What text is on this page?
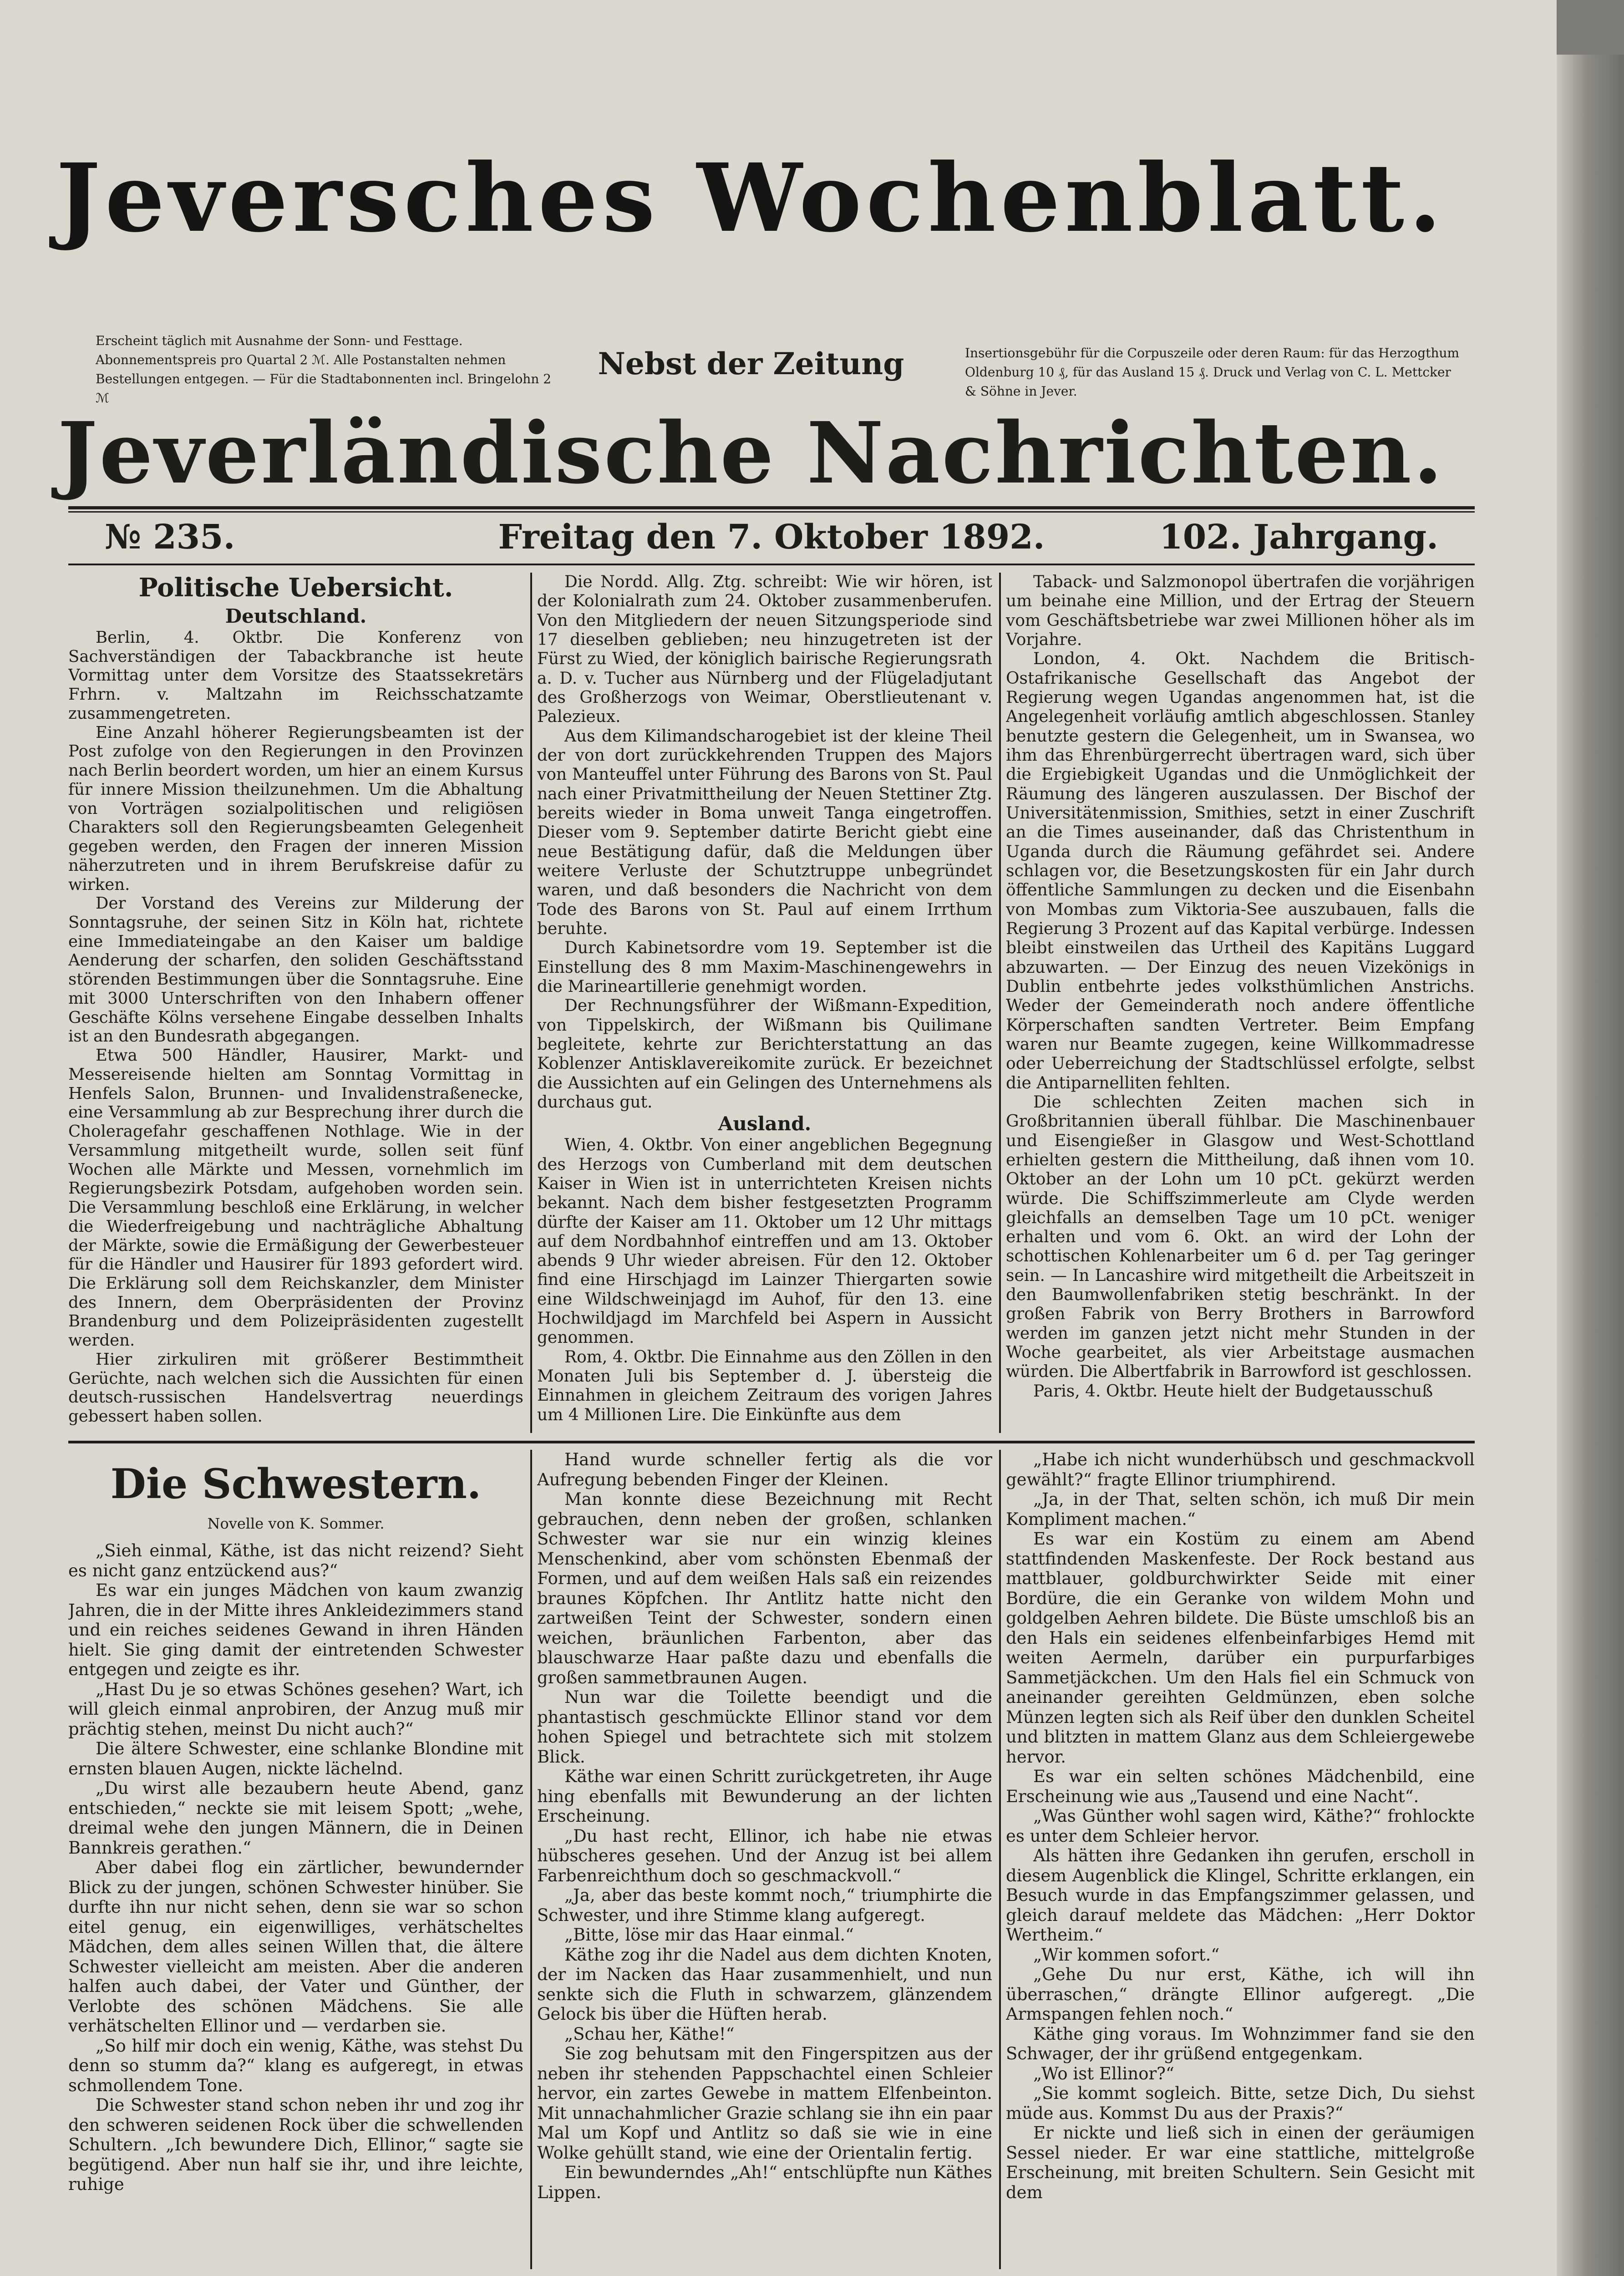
Jeversches Wochenblatt.
Erscheint täglich mit Ausnahme der Sonn- und Festtage. Abonnementspreis pro Quartal 2 ℳ. Alle Postanstalten nehmen Bestellungen entgegen. — Für die Stadtabonnenten incl. Bringelohn 2 ℳ
Nebst der Zeitung	Insertionsgebühr für die Corpuszeile oder deren Raum: für das Herzogthum Oldenburg 10 ₰, für das Ausland 15 ₰. Druck und Verlag von C. L. Mettcker & Söhne in Jever.
Jeverländische Nachrichten.
№ 235.	Freitag den 7. Oktober 1892.	102. Jahrgang.
Politische Uebersicht.
Deutschland.

Berlin, 4. Oktbr. Die Konferenz von Sachverständigen der Tabackbranche ist heute Vormittag unter dem Vorsitze des Staatssekretärs Frhrn. v. Maltzahn im Reichsschatzamte zusammengetreten.

Eine Anzahl höherer Regierungsbeamten ist der Post zufolge von den Regierungen in den Provinzen nach Berlin beordert worden, um hier an einem Kursus für innere Mission theilzunehmen. Um die Abhaltung von Vorträgen sozialpolitischen und religiösen Charakters soll den Regierungsbeamten Gelegenheit gegeben werden, den Fragen der inneren Mission näherzutreten und in ihrem Berufskreise dafür zu wirken.

Der Vorstand des Vereins zur Milderung der Sonntagsruhe, der seinen Sitz in Köln hat, richtete eine Immediateingabe an den Kaiser um baldige Aenderung der scharfen, den soliden Geschäftsstand störenden Bestimmungen über die Sonntagsruhe. Eine mit 3000 Unterschriften von den Inhabern offener Geschäfte Kölns versehene Eingabe desselben Inhalts ist an den Bundesrath abgegangen.

Etwa 500 Händler, Hausirer, Markt- und Messereisende hielten am Sonntag Vormittag in Henfels Salon, Brunnen- und Invalidenstraßenecke, eine Versammlung ab zur Besprechung ihrer durch die Choleragefahr geschaffenen Nothlage. Wie in der Versammlung mitgetheilt wurde, sollen seit fünf Wochen alle Märkte und Messen, vornehmlich im Regierungsbezirk Potsdam, aufgehoben worden sein. Die Versammlung beschloß eine Erklärung, in welcher die Wiederfreigebung und nachträgliche Abhaltung der Märkte, sowie die Ermäßigung der Gewerbesteuer für die Händler und Hausirer für 1893 gefordert wird. Die Erklärung soll dem Reichskanzler, dem Minister des Innern, dem Oberpräsidenten der Provinz Brandenburg und dem Polizeipräsidenten zugestellt werden.

Hier zirkuliren mit größerer Bestimmtheit Gerüchte, nach welchen sich die Aussichten für einen deutsch-russischen Handelsvertrag neuerdings gebessert haben sollen.

Die Nordd. Allg. Ztg. schreibt: Wie wir hören, ist der Kolonialrath zum 24. Oktober zusammenberufen. Von den Mitgliedern der neuen Sitzungsperiode sind 17 dieselben geblieben; neu hinzugetreten ist der Fürst zu Wied, der königlich bairische Regierungsrath a. D. v. Tucher aus Nürnberg und der Flügeladjutant des Großherzogs von Weimar, Oberstlieutenant v. Palezieux.

Aus dem Kilimandscharogebiet ist der kleine Theil der von dort zurückkehrenden Truppen des Majors von Manteuffel unter Führung des Barons von St. Paul nach einer Privatmittheilung der Neuen Stettiner Ztg. bereits wieder in Boma unweit Tanga eingetroffen. Dieser vom 9. September datirte Bericht giebt eine neue Bestätigung dafür, daß die Meldungen über weitere Verluste der Schutztruppe unbegründet waren, und daß besonders die Nachricht von dem Tode des Barons von St. Paul auf einem Irrthum beruhte.

Durch Kabinetsordre vom 19. September ist die Einstellung des 8 mm Maxim-Maschinengewehrs in die Marineartillerie genehmigt worden.

Der Rechnungsführer der Wißmann-Expedition, von Tippelskirch, der Wißmann bis Quilimane begleitete, kehrte zur Berichterstattung an das Koblenzer Antisklavereikomite zurück. Er bezeichnet die Aussichten auf ein Gelingen des Unternehmens als durchaus gut.

Ausland.

Wien, 4. Oktbr. Von einer angeblichen Begegnung des Herzogs von Cumberland mit dem deutschen Kaiser in Wien ist in unterrichteten Kreisen nichts bekannt. Nach dem bisher festgesetzten Programm dürfte der Kaiser am 11. Oktober um 12 Uhr mittags auf dem Nordbahnhof eintreffen und am 13. Oktober abends 9 Uhr wieder abreisen. Für den 12. Oktober find eine Hirschjagd im Lainzer Thiergarten sowie eine Wildschweinjagd im Auhof, für den 13. eine Hochwildjagd im Marchfeld bei Aspern in Aussicht genommen.

Rom, 4. Oktbr. Die Einnahme aus den Zöllen in den Monaten Juli bis September d. J. übersteig die Einnahmen in gleichem Zeitraum des vorigen Jahres um 4 Millionen Lire. Die Einkünfte aus dem

Taback- und Salzmonopol übertrafen die vorjährigen um beinahe eine Million, und der Ertrag der Steuern vom Geschäftsbetriebe war zwei Millionen höher als im Vorjahre.

London, 4. Okt. Nachdem die Britisch-Ostafrikanische Gesellschaft das Angebot der Regierung wegen Ugandas angenommen hat, ist die Angelegenheit vorläufig amtlich abgeschlossen. Stanley benutzte gestern die Gelegenheit, um in Swansea, wo ihm das Ehrenbürgerrecht übertragen ward, sich über die Ergiebigkeit Ugandas und die Unmöglichkeit der Räumung des längeren auszulassen. Der Bischof der Universitätenmission, Smithies, setzt in einer Zuschrift an die Times auseinander, daß das Christenthum in Uganda durch die Räumung gefährdet sei. Andere schlagen vor, die Besetzungskosten für ein Jahr durch öffentliche Sammlungen zu decken und die Eisenbahn von Mombas zum Viktoria-See auszubauen, falls die Regierung 3 Prozent auf das Kapital verbürge. Indessen bleibt einstweilen das Urtheil des Kapitäns Luggard abzuwarten. — Der Einzug des neuen Vizekönigs in Dublin entbehrte jedes volksthümlichen Anstrichs. Weder der Gemeinderath noch andere öffentliche Körperschaften sandten Vertreter. Beim Empfang waren nur Beamte zugegen, keine Willkommadresse oder Ueberreichung der Stadtschlüssel erfolgte, selbst die Antiparnelliten fehlten.

Die schlechten Zeiten machen sich in Großbritannien überall fühlbar. Die Maschinenbauer und Eisengießer in Glasgow und West-Schottland erhielten gestern die Mittheilung, daß ihnen vom 10. Oktober an der Lohn um 10 pCt. gekürzt werden würde. Die Schiffszimmerleute am Clyde werden gleichfalls an demselben Tage um 10 pCt. weniger erhalten und vom 6. Okt. an wird der Lohn der schottischen Kohlenarbeiter um 6 d. per Tag geringer sein. — In Lancashire wird mitgetheilt die Arbeitszeit in den Baumwollenfabriken stetig beschränkt. In der großen Fabrik von Berry Brothers in Barrowford werden im ganzen jetzt nicht mehr Stunden in der Woche gearbeitet, als vier Arbeitstage ausmachen würden. Die Albertfabrik in Barrowford ist geschlossen.

Paris, 4. Oktbr. Heute hielt der Budgetausschuß

Die Schwestern.
Novelle von K. Sommer.

„Sieh einmal, Käthe, ist das nicht reizend? Sieht es nicht ganz entzückend aus?“

Es war ein junges Mädchen von kaum zwanzig Jahren, die in der Mitte ihres Ankleidezimmers stand und ein reiches seidenes Gewand in ihren Händen hielt. Sie ging damit der eintretenden Schwester entgegen und zeigte es ihr.

„Hast Du je so etwas Schönes gesehen? Wart, ich will gleich einmal anprobiren, der Anzug muß mir prächtig stehen, meinst Du nicht auch?“

Die ältere Schwester, eine schlanke Blondine mit ernsten blauen Augen, nickte lächelnd.

„Du wirst alle bezaubern heute Abend, ganz entschieden,“ neckte sie mit leisem Spott; „wehe, dreimal wehe den jungen Männern, die in Deinen Bannkreis gerathen.“

Aber dabei flog ein zärtlicher, bewundernder Blick zu der jungen, schönen Schwester hinüber. Sie durfte ihn nur nicht sehen, denn sie war so schon eitel genug, ein eigenwilliges, verhätscheltes Mädchen, dem alles seinen Willen that, die ältere Schwester vielleicht am meisten. Aber die anderen halfen auch dabei, der Vater und Günther, der Verlobte des schönen Mädchens. Sie alle verhätschelten Ellinor und — verdarben sie.

„So hilf mir doch ein wenig, Käthe, was stehst Du denn so stumm da?“ klang es aufgeregt, in etwas schmollendem Tone.

Die Schwester stand schon neben ihr und zog ihr den schweren seidenen Rock über die schwellenden Schultern. „Ich bewundere Dich, Ellinor,“ sagte sie begütigend. Aber nun half sie ihr, und ihre leichte, ruhige

Hand wurde schneller fertig als die vor Aufregung bebenden Finger der Kleinen.

Man konnte diese Bezeichnung mit Recht gebrauchen, denn neben der großen, schlanken Schwester war sie nur ein winzig kleines Menschenkind, aber vom schönsten Ebenmaß der Formen, und auf dem weißen Hals saß ein reizendes braunes Köpfchen. Ihr Antlitz hatte nicht den zartweißen Teint der Schwester, sondern einen weichen, bräunlichen Farbenton, aber das blauschwarze Haar paßte dazu und ebenfalls die großen sammetbraunen Augen.

Nun war die Toilette beendigt und die phantastisch geschmückte Ellinor stand vor dem hohen Spiegel und betrachtete sich mit stolzem Blick.

Käthe war einen Schritt zurückgetreten, ihr Auge hing ebenfalls mit Bewunderung an der lichten Erscheinung.

„Du hast recht, Ellinor, ich habe nie etwas hübscheres gesehen. Und der Anzug ist bei allem Farbenreichthum doch so geschmackvoll.“

„Ja, aber das beste kommt noch,“ triumphirte die Schwester, und ihre Stimme klang aufgeregt.

„Bitte, löse mir das Haar einmal.“

Käthe zog ihr die Nadel aus dem dichten Knoten, der im Nacken das Haar zusammenhielt, und nun senkte sich die Fluth in schwarzem, glänzendem Gelock bis über die Hüften herab.

„Schau her, Käthe!“

Sie zog behutsam mit den Fingerspitzen aus der neben ihr stehenden Pappschachtel einen Schleier hervor, ein zartes Gewebe in mattem Elfenbeinton. Mit unnachahmlicher Grazie schlang sie ihn ein paar Mal um Kopf und Antlitz so daß sie wie in eine Wolke gehüllt stand, wie eine der Orientalin fertig.

Ein bewunderndes „Ah!“ entschlüpfte nun Käthes Lippen.

„Habe ich nicht wunderhübsch und geschmackvoll gewählt?“ fragte Ellinor triumphirend.

„Ja, in der That, selten schön, ich muß Dir mein Kompliment machen.“

Es war ein Kostüm zu einem am Abend stattfindenden Maskenfeste. Der Rock bestand aus mattblauer, goldburchwirkter Seide mit einer Bordüre, die ein Geranke von wildem Mohn und goldgelben Aehren bildete. Die Büste umschloß bis an den Hals ein seidenes elfenbeinfarbiges Hemd mit weiten Aermeln, darüber ein purpurfarbiges Sammetjäckchen. Um den Hals fiel ein Schmuck von aneinander gereihten Geldmünzen, eben solche Münzen legten sich als Reif über den dunklen Scheitel und blitzten in mattem Glanz aus dem Schleiergewebe hervor.

Es war ein selten schönes Mädchenbild, eine Erscheinung wie aus „Tausend und eine Nacht“.

„Was Günther wohl sagen wird, Käthe?“ frohlockte es unter dem Schleier hervor.

Als hätten ihre Gedanken ihn gerufen, erscholl in diesem Augenblick die Klingel, Schritte erklangen, ein Besuch wurde in das Empfangszimmer gelassen, und gleich darauf meldete das Mädchen: „Herr Doktor Wertheim.“

„Wir kommen sofort.“

„Gehe Du nur erst, Käthe, ich will ihn überraschen,“ drängte Ellinor aufgeregt. „Die Armspangen fehlen noch.“

Käthe ging voraus. Im Wohnzimmer fand sie den Schwager, der ihr grüßend entgegenkam.

„Wo ist Ellinor?“

„Sie kommt sogleich. Bitte, setze Dich, Du siehst müde aus. Kommst Du aus der Praxis?“

Er nickte und ließ sich in einen der geräumigen Sessel nieder. Er war eine stattliche, mittelgroße Erscheinung, mit breiten Schultern. Sein Gesicht mit dem
